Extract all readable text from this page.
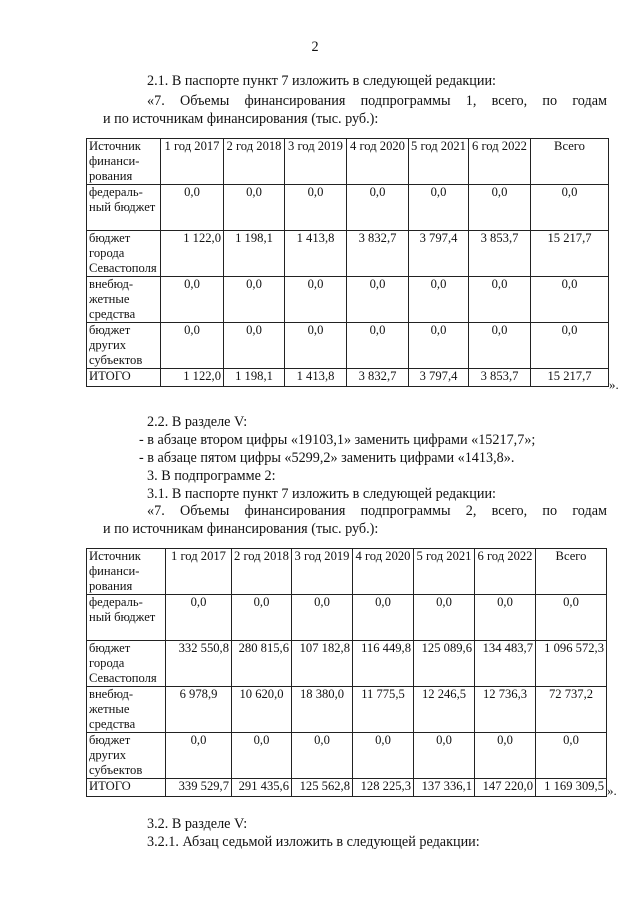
2
2.1. В паспорте пункт 7 изложить в следующей редакции:
«7. Объемы финансирования подпрограммы 1, всего, по годам
и по источникам финансирования (тыс. руб.):
Источник финанси-рования	1 год 2017	2 год 2018	3 год 2019	4 год 2020	5 год 2021	6 год 2022	Всего
федераль-ный бюджет	0,0	0,0	0,0	0,0	0,0	0,0	0,0
бюджет города Севастополя	1 122,0	1 198,1	1 413,8	3 832,7	3 797,4	3 853,7	15 217,7
внебюд-жетные средства	0,0	0,0	0,0	0,0	0,0	0,0	0,0
бюджет других субъектов	0,0	0,0	0,0	0,0	0,0	0,0	0,0
ИТОГО	1 122,0	1 198,1	1 413,8	3 832,7	3 797,4	3 853,7	15 217,7
».
2.2. В разделе V:
- в абзаце втором цифры «19103,1» заменить цифрами «15217,7»;
- в абзаце пятом цифры «5299,2» заменить цифрами «1413,8».
3. В подпрограмме 2:
3.1. В паспорте пункт 7 изложить в следующей редакции:
«7. Объемы финансирования подпрограммы 2, всего, по годам
и по источникам финансирования (тыс. руб.):
Источник финанси-рования	1 год 2017	2 год 2018	3 год 2019	4 год 2020	5 год 2021	6 год 2022	Всего
федераль-ный бюджет	0,0	0,0	0,0	0,0	0,0	0,0	0,0
бюджет города Севастополя	332 550,8	280 815,6	107 182,8	116 449,8	125 089,6	134 483,7	1 096 572,3
внебюд-жетные средства	6 978,9	10 620,0	18 380,0	11 775,5	12 246,5	12 736,3	72 737,2
бюджет других субъектов	0,0	0,0	0,0	0,0	0,0	0,0	0,0
ИТОГО	339 529,7	291 435,6	125 562,8	128 225,3	137 336,1	147 220,0	1 169 309,5 ».
3.2. В разделе V:
3.2.1. Абзац седьмой изложить в следующей редакции:
